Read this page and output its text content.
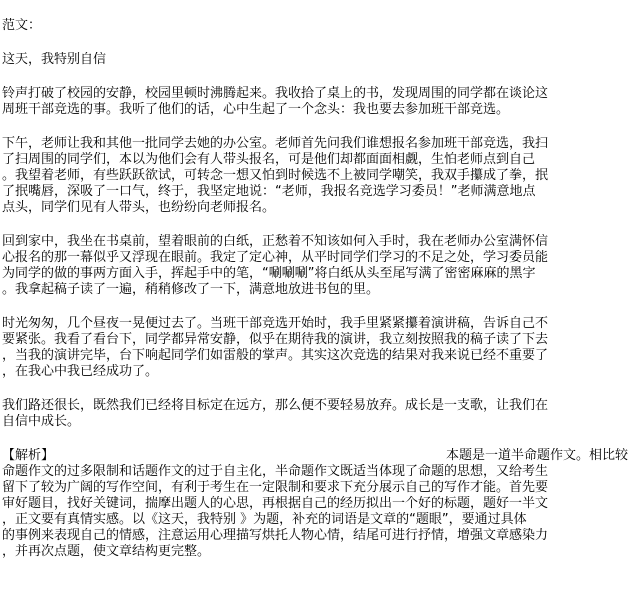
范文：
这天，我特别自信
铃声打破了校园的安静，校园里顿时沸腾起来。我收拾了桌上的书，发现周围的同学都在谈论这
周班干部竞选的事。我听了他们的话，心中生起了一个念头：我也要去参加班干部竞选。
下午，老师让我和其他一批同学去她的办公室。老师首先问我们谁想报名参加班干部竞选，我扫
了扫周围的同学们，本以为他们会有人带头报名，可是他们却都面面相觑，生怕老师点到自己
。我望着老师，有些跃跃欲试，可转念一想又怕到时候选不上被同学嘲笑，我双手攥成了拳，抿
了抿嘴唇，深吸了一口气，终于，我坚定地说：“老师，我报名竞选学习委员！”老师满意地点
点头，同学们见有人带头，也纷纷向老师报名。
回到家中，我坐在书桌前，望着眼前的白纸，正愁着不知该如何入手时，我在老师办公室满怀信
心报名的那一幕似乎又浮现在眼前。我定了定心神，从平时同学们学习的不足之处，学习委员能
为同学的做的事两方面入手，挥起手中的笔，“唰唰唰”将白纸从头至尾写满了密密麻麻的黑字
。我拿起稿子读了一遍，稍稍修改了一下，满意地放进书包的里。
时光匆匆，几个昼夜一晃便过去了。当班干部竞选开始时，我手里紧紧攥着演讲稿，告诉自己不
要紧张。我看了看台下，同学都异常安静，似乎在期待我的演讲，我立刻按照我的稿子读了下去
，当我的演讲完毕，台下响起同学们如雷般的掌声。其实这次竞选的结果对我来说已经不重要了
，在我心中我已经成功了。
我们路还很长，既然我们已经将目标定在远方，那么便不要轻易放弃。成长是一支歌，让我们在
自信中成长。
【解析】	本题是一道半命题作文。相比较
命题作文的过多限制和话题作文的过于自主化，半命题作文既适当体现了命题的思想，又给考生
留下了较为广阔的写作空间，有利于考生在一定限制和要求下充分展示自己的写作才能。首先要
审好题目，找好关键词，揣摩出题人的心思，再根据自己的经历拟出一个好的标题，题好一半文
，正文要有真情实感。以《这天，我特别 》为题，补充的词语是文章的“题眼”，要通过具体
的事例来表现自己的情感，注意运用心理描写烘托人物心情，结尾可进行抒情，增强文章感染力
，并再次点题，使文章结构更完整。
